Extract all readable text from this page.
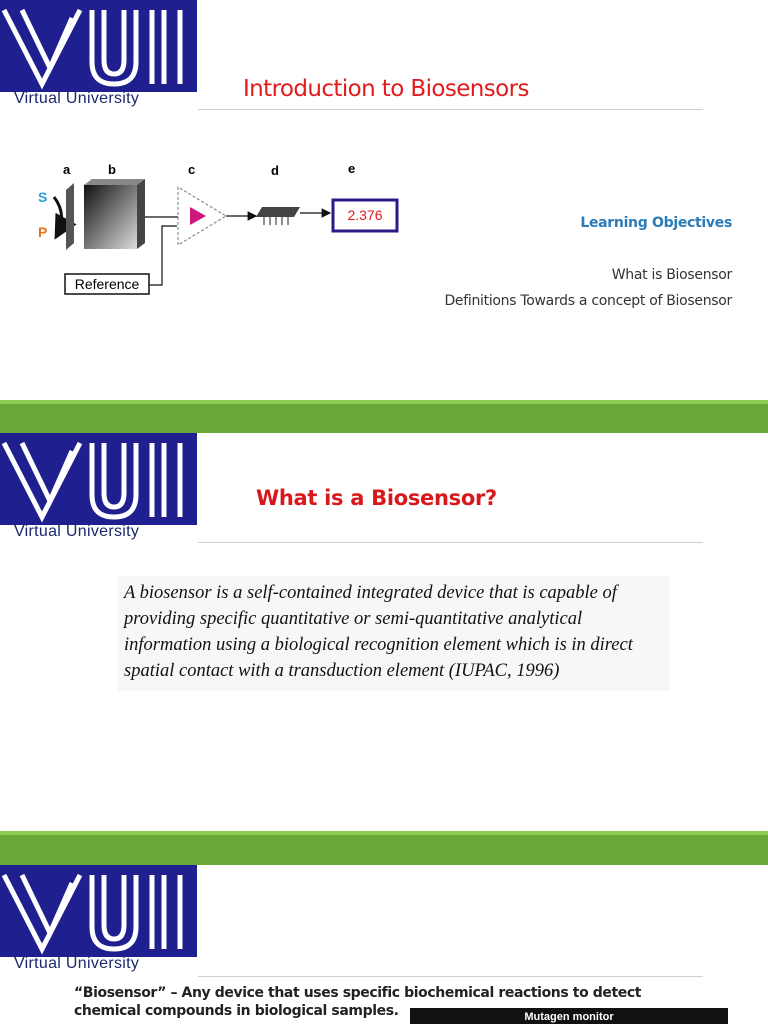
Virtual University	Introduction to Biosensors
a	b	c	d	e
S
P
2.376
Reference
Learning Objectives
What is Biosensor
Definitions Towards a concept of Biosensor
Virtual University
What is a Biosensor?
A biosensor is a self-contained integrated device that is capable of providing specific quantitative or semi-quantitative analytical information using a biological recognition element which is in direct spatial contact with a transduction element (IUPAC, 1996)
Virtual University
“Biosensor” – Any device that uses specific biochemical reactions to detect chemical compounds in biological samples.	Mutagen monitor
